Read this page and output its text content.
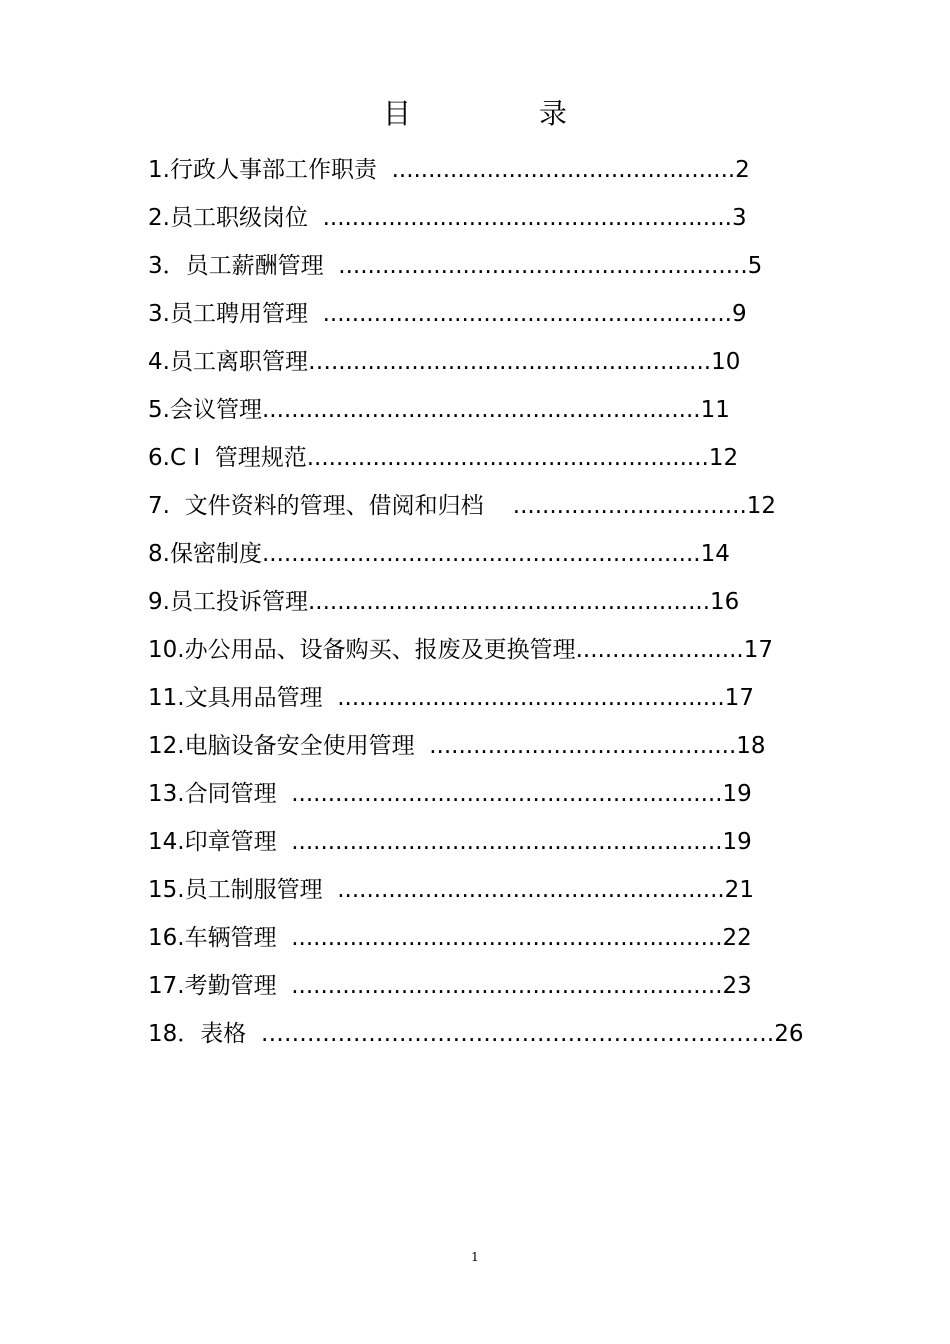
目	录
1.行政人事部工作职责  ...............................................2
2.员工职级岗位  ........................................................3
3．员工薪酬管理  ........................................................5
3.员工聘用管理  ........................................................9
4.员工离职管理…....................................................10
5.会议管理............................................................11
6.C I  管理规范.......................................................12
7.  文件资料的管理、借阅和归档    ................................12
8.保密制度............................................................14
9.员工投诉管理.......................................................16
10.办公用品、设备购买、报废及更换管理.......................17
11.文具用品管理  .....................................................17
12.电脑设备安全使用管理  ..........................................18
13.合同管理  ...........................................................19
14.印章管理  ...........................................................19
15.员工制服管理  .....................................................21
16.车辆管理  ...........................................................22
17.考勤管理  ...........................................................23
18．表格  ………………………………………………………….26
1
